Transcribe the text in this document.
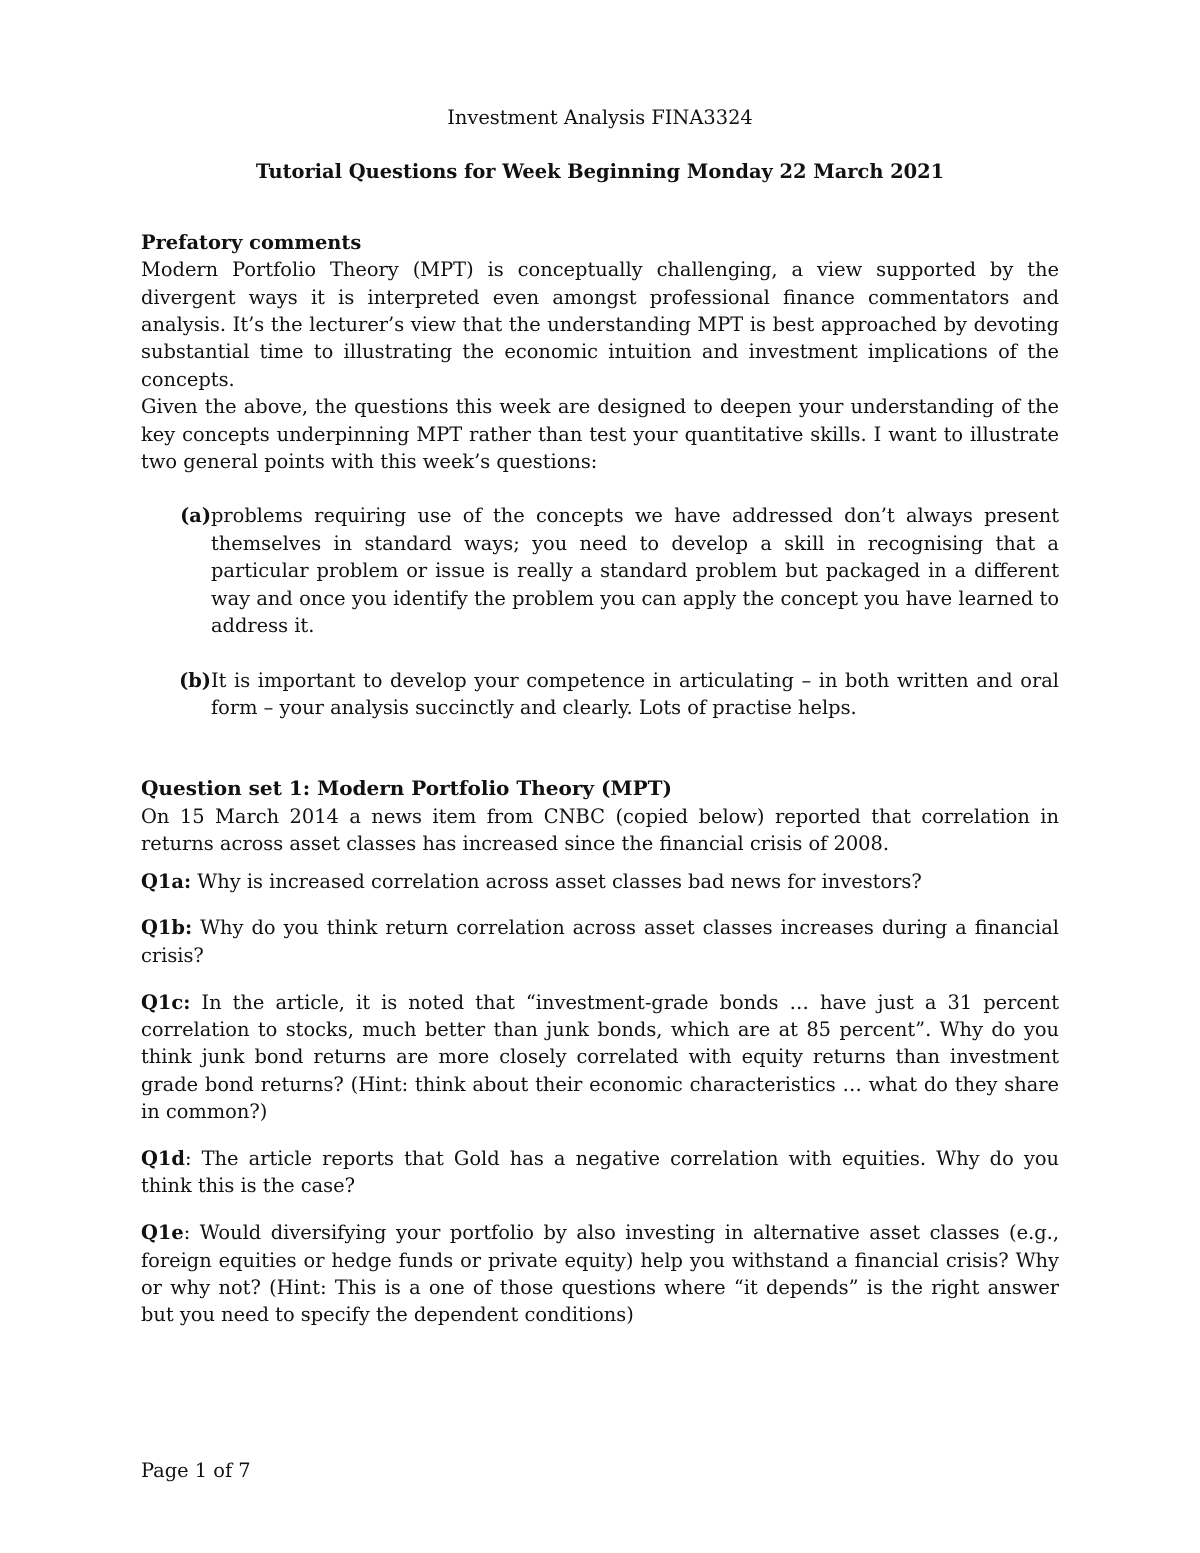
Investment Analysis FINA3324
Tutorial Questions for Week Beginning Monday 22 March 2021
Prefatory comments

Modern Portfolio Theory (MPT) is conceptually challenging, a view supported by the divergent ways it is interpreted even amongst professional finance commentators and analysis. It’s the lecturer’s view that the understanding MPT is best approached by devoting substantial time to illustrating the economic intuition and investment implications of the concepts.

Given the above, the questions this week are designed to deepen your understanding of the key concepts underpinning MPT rather than test your quantitative skills. I want to illustrate two general points with this week’s questions:

(a) problems requiring use of the concepts we have addressed don’t always present themselves in standard ways; you need to develop a skill in recognising that a particular problem or issue is really a standard problem but packaged in a different way and once you identify the problem you can apply the concept you have learned to address it.
(b) It is important to develop your competence in articulating – in both written and oral form – your analysis succinctly and clearly. Lots of practise helps.
Question set 1: Modern Portfolio Theory (MPT)

On 15 March 2014 a news item from CNBC (copied below) reported that correlation in returns across asset classes has increased since the financial crisis of 2008.

Q1a: Why is increased correlation across asset classes bad news for investors?

Q1b: Why do you think return correlation across asset classes increases during a financial crisis?

Q1c: In the article, it is noted that “investment-grade bonds … have just a 31 percent correlation to stocks, much better than junk bonds, which are at 85 percent”. Why do you think junk bond returns are more closely correlated with equity returns than investment grade bond returns? (Hint: think about their economic characteristics … what do they share in common?)

Q1d: The article reports that Gold has a negative correlation with equities. Why do you think this is the case?

Q1e: Would diversifying your portfolio by also investing in alternative asset classes (e.g., foreign equities or hedge funds or private equity) help you withstand a financial crisis? Why or why not? (Hint: This is a one of those questions where “it depends” is the right answer but you need to specify the dependent conditions)

Page 1 of 7
